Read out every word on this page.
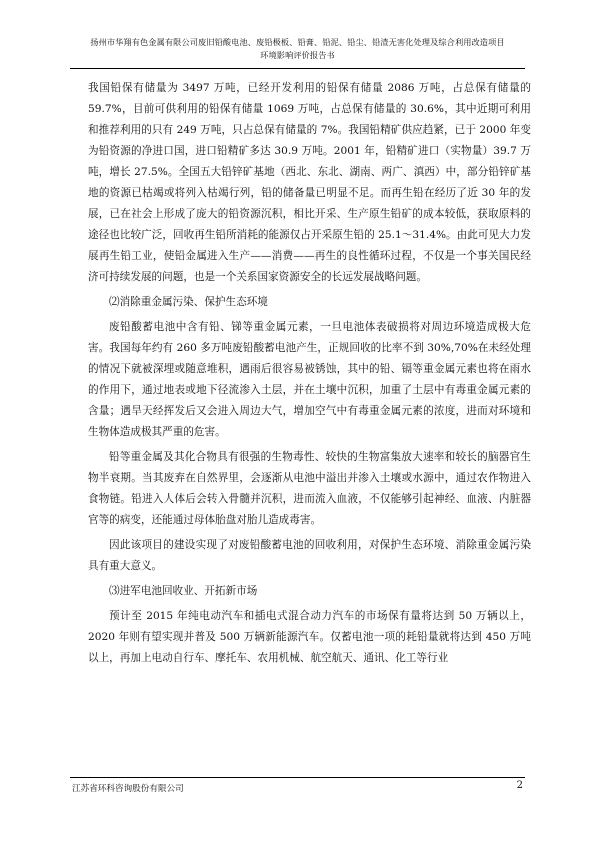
扬州市华翔有色金属有限公司废旧铅酸电池、废铅极板、铅膏、铅泥、铅尘、铅渣无害化处理及综合利用改造项目
环境影响评价报告书

我国铅保有储量为 3497 万吨，已经开发利用的铅保有储量 2086 万吨，占总保有储量的 59.7%，目前可供利用的铅保有储量 1069 万吨，占总保有储量的 30.6%，其中近期可利用和推荐利用的只有 249 万吨，只占总保有储量的 7%。我国铅精矿供应趋紧，已于 2000 年变为铅资源的净进口国，进口铅精矿多达 30.9 万吨。2001 年，铅精矿进口（实物量）39.7 万吨，增长 27.5%。全国五大铅锌矿基地（西北、东北、湖南、两广、滇西）中，部分铅锌矿基地的资源已枯竭或将列入枯竭行列，铅的储备量已明显不足。而再生铅在经历了近 30 年的发展，已在社会上形成了庞大的铅资源沉积，相比开采、生产原生铅矿的成本较低，获取原料的途径也比较广泛，回收再生铅所消耗的能源仅占开采原生铅的 25.1～31.4%。由此可见大力发展再生铅工业，使铅金属进入生产——消费——再生的良性循环过程，不仅是一个事关国民经济可持续发展的问题，也是一个关系国家资源安全的长远发展战略问题。

⑵消除重金属污染、保护生态环境

废铅酸蓄电池中含有铅、锑等重金属元素，一旦电池体表破损将对周边环境造成极大危害。我国每年约有 260 多万吨废铅酸蓄电池产生，正规回收的比率不到 30%,70%在未经处理的情况下就被深埋或随意堆积，遇雨后很容易被锈蚀，其中的铅、镉等重金属元素也将在雨水的作用下，通过地表或地下径流渗入土层，并在土壤中沉积，加重了土层中有毒重金属元素的含量；遇旱天经挥发后又会进入周边大气，增加空气中有毒重金属元素的浓度，进而对环境和生物体造成极其严重的危害。

铅等重金属及其化合物具有很强的生物毒性、较快的生物富集放大速率和较长的脑器官生物半衰期。当其废弃在自然界里，会逐渐从电池中溢出并渗入土壤或水源中，通过农作物进入食物链。铅进入人体后会转入骨髓并沉积，进而流入血液，不仅能够引起神经、血液、内脏器官等的病变，还能通过母体胎盘对胎儿造成毒害。

因此该项目的建设实现了对废铅酸蓄电池的回收利用，对保护生态环境、消除重金属污染具有重大意义。

⑶进军电池回收业、开拓新市场

预计至 2015 年纯电动汽车和插电式混合动力汽车的市场保有量将达到 50 万辆以上，2020 年则有望实现并普及 500 万辆新能源汽车。仅蓄电池一项的耗铅量就将达到 450 万吨以上，再加上电动自行车、摩托车、农用机械、航空航天、通讯、化工等行业

江苏省环科咨询股份有限公司	2
